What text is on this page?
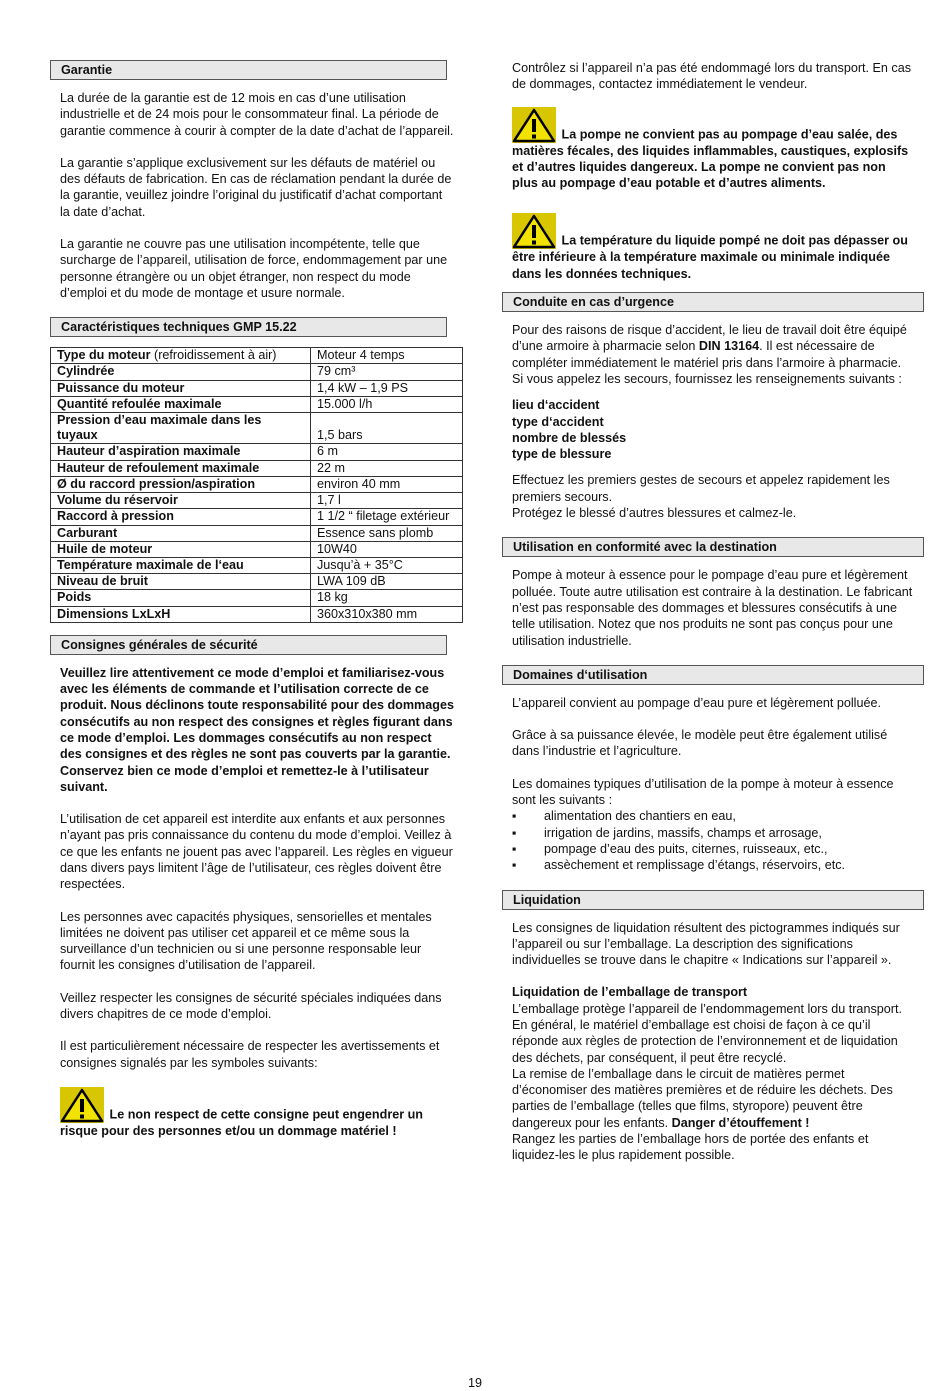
Garantie

La durée de la garantie est de 12 mois en cas d’une utilisation industrielle et de 24 mois pour le consommateur final. La période de garantie commence à courir à compter de la date d’achat de l’appareil.

La garantie s’applique exclusivement sur les défauts de matériel ou des défauts de fabrication. En cas de réclamation pendant la durée de la garantie, veuillez joindre l’original du justificatif d’achat comportant la date d’achat.

La garantie ne couvre pas une utilisation incompétente, telle que surcharge de l’appareil, utilisation de force, endommagement par une personne étrangère ou un objet étranger, non respect du mode d’emploi et du mode de montage et usure normale.

Caractéristiques techniques GMP 15.22
Type du moteur (refroidissement à air)	Moteur 4 temps
Cylindrée	79 cm³
Puissance du moteur	1,4 kW – 1,9 PS
Quantité refoulée maximale	15.000 l/h
Pression d’eau maximale dans les tuyaux	1,5 bars
Hauteur d’aspiration maximale	6 m
Hauteur de refoulement maximale	22 m
Ø du raccord pression/aspiration	environ 40 mm
Volume du réservoir	1,7 l
Raccord à pression	1 1/2 “ filetage extérieur
Carburant	Essence sans plomb
Huile de moteur	10W40
Température maximale de l‘eau	Jusqu’à + 35°C
Niveau de bruit	LWA 109 dB
Poids	18 kg
Dimensions LxLxH	360x310x380 mm
Consignes générales de sécurité

Veuillez lire attentivement ce mode d’emploi et familiarisez-vous avec les éléments de commande et l’utilisation correcte de ce produit. Nous déclinons toute responsabilité pour des dommages consécutifs au non respect des consignes et règles figurant dans ce mode d’emploi. Les dommages consécutifs au non respect des consignes et des règles ne sont pas couverts par la garantie. Conservez bien ce mode d’emploi et remettez-le à l’utilisateur suivant.

L’utilisation de cet appareil est interdite aux enfants et aux personnes n’ayant pas pris connaissance du contenu du mode d’emploi. Veillez à ce que les enfants ne jouent pas avec l’appareil. Les règles en vigueur dans divers pays limitent l’âge de l’utilisateur, ces règles doivent être respectées.

Les personnes avec capacités physiques, sensorielles et mentales limitées ne doivent pas utiliser cet appareil et ce même sous la surveillance d’un technicien ou si une personne responsable leur fournit les consignes d’utilisation de l’appareil.

Veillez respecter les consignes de sécurité spéciales indiquées dans divers chapitres de ce mode d’emploi.

Il est particulièrement nécessaire de respecter les avertissements et consignes signalés par les symboles suivants:

Le non respect de cette consigne peut engendrer un risque pour des personnes et/ou un dommage matériel !

Contrôlez si l’appareil n’a pas été endommagé lors du transport. En cas de dommages, contactez immédiatement le vendeur.

La pompe ne convient pas au pompage d’eau salée, des matières fécales, des liquides inflammables, caustiques, explosifs et d’autres liquides dangereux. La pompe ne convient pas non plus au pompage d’eau potable et d’autres aliments.

La température du liquide pompé ne doit pas dépasser ou être inférieure à la température maximale ou minimale indiquée dans les données techniques.

Conduite en cas d’urgence

Pour des raisons de risque d’accident, le lieu de travail doit être équipé d’une armoire à pharmacie selon DIN 13164. Il est nécessaire de compléter immédiatement le matériel pris dans l’armoire à pharmacie. Si vous appelez les secours, fournissez les renseignements suivants :

lieu d‘accident
type d‘accident
nombre de blessés
type de blessure

Effectuez les premiers gestes de secours et appelez rapidement les premiers secours.

Protégez le blessé d’autres blessures et calmez-le.

Utilisation en conformité avec la destination

Pompe à moteur à essence pour le pompage d’eau pure et légèrement polluée. Toute autre utilisation est contraire à la destination. Le fabricant n’est pas responsable des dommages et blessures consécutifs à une telle utilisation. Notez que nos produits ne sont pas conçus pour une utilisation industrielle.

Domaines d‘utilisation

L’appareil convient au pompage d’eau pure et légèrement polluée.

Grâce à sa puissance élevée, le modèle peut être également utilisé dans l’industrie et l’agriculture.

Les domaines typiques d’utilisation de la pompe à moteur à essence sont les suivants :

▪ alimentation des chantiers en eau,
▪ irrigation de jardins, massifs, champs et arrosage,
▪ pompage d’eau des puits, citernes, ruisseaux, etc.,
▪ assèchement et remplissage d’étangs, réservoirs, etc.
Liquidation

Les consignes de liquidation résultent des pictogrammes indiqués sur l’appareil ou sur l’emballage. La description des significations individuelles se trouve dans le chapitre « Indications sur l’appareil ».

Liquidation de l’emballage de transport

L’emballage protège l’appareil de l’endommagement lors du transport. En général, le matériel d’emballage est choisi de façon à ce qu’il réponde aux règles de protection de l’environnement et de liquidation des déchets, par conséquent, il peut être recyclé.

La remise de l’emballage dans le circuit de matières permet d’économiser des matières premières et de réduire les déchets. Des parties de l’emballage (telles que films, styropore) peuvent être dangereux pour les enfants. Danger d’étouffement !

Rangez les parties de l’emballage hors de portée des enfants et liquidez-les le plus rapidement possible.

19
